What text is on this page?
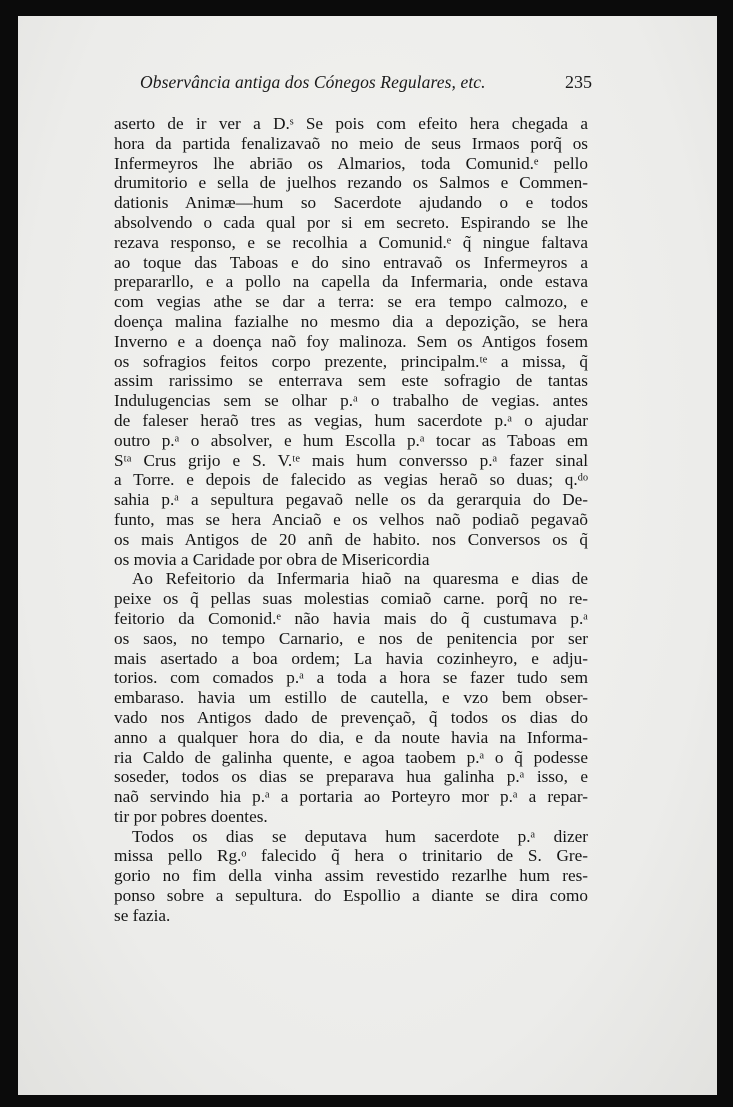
Observância antiga dos Cónegos Regulares, etc.	235
aserto de ir ver a D.ˢ Se pois com efeito hera chegada a
hora da partida fenalizavaõ no meio de seus Irmaos porq̃ os
Infermeyros lhe abriāo os Almarios, toda Comunid.ᵉ pello
drumitorio e sella de juelhos rezando os Salmos e Commen-
dationis Animæ—hum so Sacerdote ajudando o e todos
absolvendo o cada qual por si em secreto. Espirando se lhe
rezava responso, e se recolhia a Comunid.ᵉ q̃ ningue faltava
ao toque das Taboas e do sino entravaõ os Infermeyros a
prepararllo, e a pollo na capella da Infermaria, onde estava
com vegias athe se dar a terra: se era tempo calmozo, e
doença malina fazialhe no mesmo dia a depozição, se hera
Inverno e a doença naõ foy malinoza. Sem os Antigos fosem
os sofragios feitos corpo prezente, principalm.ᵗᵉ a missa, q̃
assim rarissimo se enterrava sem este sofragio de tantas
Indulugencias sem se olhar p.ᵃ o trabalho de vegias. antes
de faleser heraõ tres as vegias, hum sacerdote p.ᵃ o ajudar
outro p.ᵃ o absolver, e hum Escolla p.ᵃ tocar as Taboas em
Sᵗᵃ Crus grijo e S. V.ᵗᵉ mais hum conversso p.ᵃ fazer sinal
a Torre. e depois de falecido as vegias heraõ so duas; q.ᵈᵒ
sahia p.ᵃ a sepultura pegavaõ nelle os da gerarquia do De-
funto, mas se hera Anciaõ e os velhos naõ podiaõ pegavaõ
os mais Antigos de 20 anñ de habito. nos Conversos os q̃
os movia a Caridade por obra de Misericordia
Ao Refeitorio da Infermaria hiaõ na quaresma e dias de
peixe os q̃ pellas suas molestias comiaõ carne. porq̃ no re-
feitorio da Comonid.ᵉ não havia mais do q̃ custumava p.ᵃ
os saos, no tempo Carnario, e nos de penitencia por ser
mais asertado a boa ordem; La havia cozinheyro, e adju-
torios. com comados p.ᵃ a toda a hora se fazer tudo sem
embaraso. havia um estillo de cautella, e vzo bem obser-
vado nos Antigos dado de prevençaõ, q̃ todos os dias do
anno a qualquer hora do dia, e da noute havia na Informa-
ria Caldo de galinha quente, e agoa taobem p.ᵃ o q̃ podesse
soseder, todos os dias se preparava hua galinha p.ᵃ isso, e
naõ servindo hia p.ᵃ a portaria ao Porteyro mor p.ᵃ a repar-
tir por pobres doentes.
Todos os dias se deputava hum sacerdote p.ᵃ dizer
missa pello Rg.ᵒ falecido q̃ hera o trinitario de S. Gre-
gorio no fim della vinha assim revestido rezarlhe hum res-
ponso sobre a sepultura. do Espollio a diante se dira como
se fazia.
